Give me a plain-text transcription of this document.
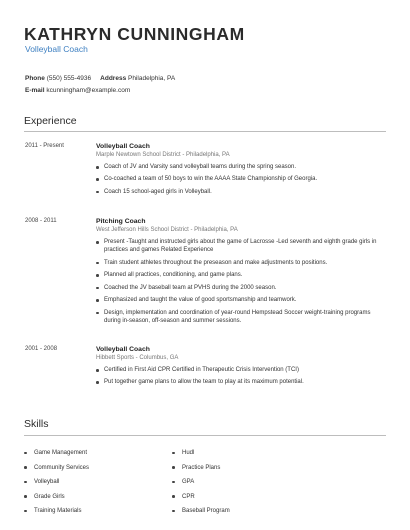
KATHRYN CUNNINGHAM
Volleyball Coach
Phone (550) 555-4936 Address Philadelphia, PA
E-mail kcunningham@example.com
Experience
2011 - Present	Volleyball Coach
Marple Newtown School District - Philadelphia, PA
Coach of JV and Varsity sand volleyball teams during the spring season.
Co-coached a team of 50 boys to win the AAAA State Championship of Georgia.
Coach 15 school-aged girls in Volleyball.
2008 - 2011	Pitching Coach
West Jefferson Hills School District - Philadelphia, PA
Present -Taught and instructed girls about the game of Lacrosse -Led seventh and eighth grade girls in practices and games Related Experience
Train student athletes throughout the preseason and make adjustments to positions.
Planned all practices, conditioning, and game plans.
Coached the JV baseball team at PVHS during the 2000 season.
Emphasized and taught the value of good sportsmanship and teamwork.
Design, implementation and coordination of year-round Hempstead Soccer weight-training programs during in-season, off-season and summer sessions.
2001 - 2008	Volleyball Coach
Hibbett Sports - Columbus, GA
Certified in First Aid CPR Certified in Therapeutic Crisis Intervention (TCI)
Put together game plans to allow the team to play at its maximum potential.
Skills
Game Management
Community Services
Volleyball
Grade Girls
Training Materials
Hudl
Practice Plans
GPA
CPR
Baseball Program
